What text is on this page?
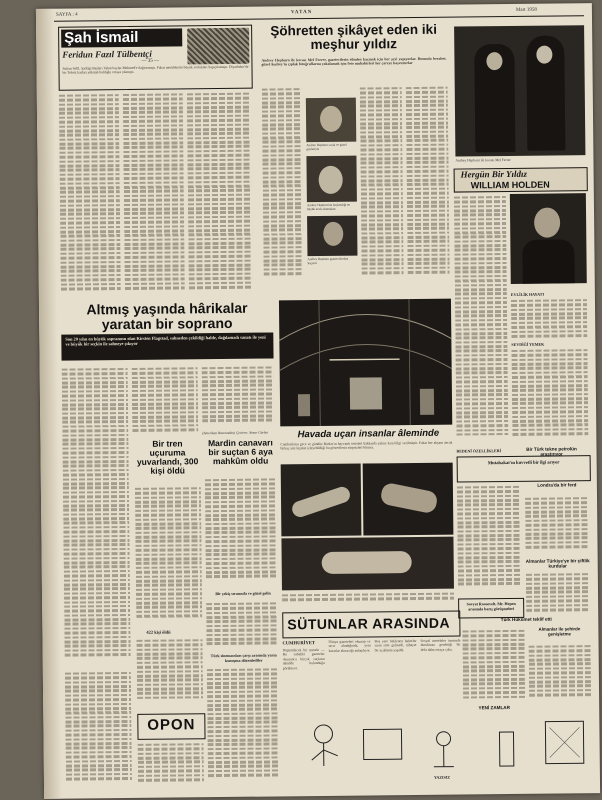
SAYFA : 4	VATAN	Mart 1958
Şah İsmail
Feridun Fazıl Tülbentçi
— 35 —
Sultan Selîl, Şarkîgi Başları Vahat baylar Mehmed'e dağıtırmıştı. Fakat memleketin büyük zorlukları hapıçılamıştı. Diyarbakır'de bir Tebriz karları yükünü bulduğu ortaya çıkmıştı.
Şöhretten şikâyet eden iki meşhur yıldız
Audrey Hepburn ile kocası Mel Ferrer, gazetecilerin elinden kaçmak için her şeyi yapıyorlar. Bununla beraber, güzel Audrey'in çıplak fotoğraflarını yakalamak için foto muhabirleri her çareye başvururlar
Audrey Hepburn ile kocası Mel Ferrer
Audrey Hepburn sıcak ve güzel gözleriyle
Audrey Hepburn'un hoşlandığı en büyük zevk okumaktır
Audrey Hepburn gazetecilerden kaçıyor
Hergün Bir Yıldız
WILLIAM HOLDEN
EVLİLİK HAYATI
BEDENİ ÖZELLİKLERİ
SEVDİĞİ YEMEK
Altmış yaşında hârikalar yaratan bir soprano
Son 20 yılın en büyük sopranosu olan Kirsten Flagstad, sahneden çekildiği halde, dağılamadı sanatı ile yeni ve büyük bir seçkin ile sahneye çıkıyor
(Amerikan Basınından) Çeviren: Nezar Gürlen	Havada uçan insanlar âleminde
Cambazların gece ve gündüz Ruslar'ın hayvanlı tesisleri hakkında yalnız kısa bilgi verilmiştir. Fakat her akşam ancak birkaç yüz kişinin izleyebildiği bu gösterilerin sürprizleri bitmez.
Bir tren uçuruma yuvarlandı, 300 kişi öldü
422 kişi öldü
Mardin canavarı bir suçtan 6 aya mahkûm oldu
Bir çekiş sırasında ve güzel gelin
Türk sinemacıları çarşı arasında yarın konuşma düzenlediler
Mutabakat'ın kuvvetli bir ilgi arıyor
Bir Türk tekne petrolün araştırıyor
Londra'da bir ferd
Sovyet Roosevelt, Mr. Hepen arasında barış görüşmeleri
Almanlar Türkiye'ye bir çiftlik kurdular
SÜTUNLAR ARASINDA
CUMHURİYET
Düşünülecek bir mesele — Bu sabahki gazeteler okununca birçok suçların tahsilde bulunduğu görülüyor.
Dünya gazeteleri okunup ve tavır alındığında, yeni kararlar alınacağı anlaşılıyor.
Boş yere beklenen haberler uzun süre gelmedi, nihayet bir açıklama yapıldı.
Sosyal meseleler üzerinde durulması gerektiği bir defa daha ortaya çıktı.
YAZISIZ
Türk Hükûmet teklif etti
Almanlar ile şehirde genişletme
YENİ ZAMLAR
OPON
